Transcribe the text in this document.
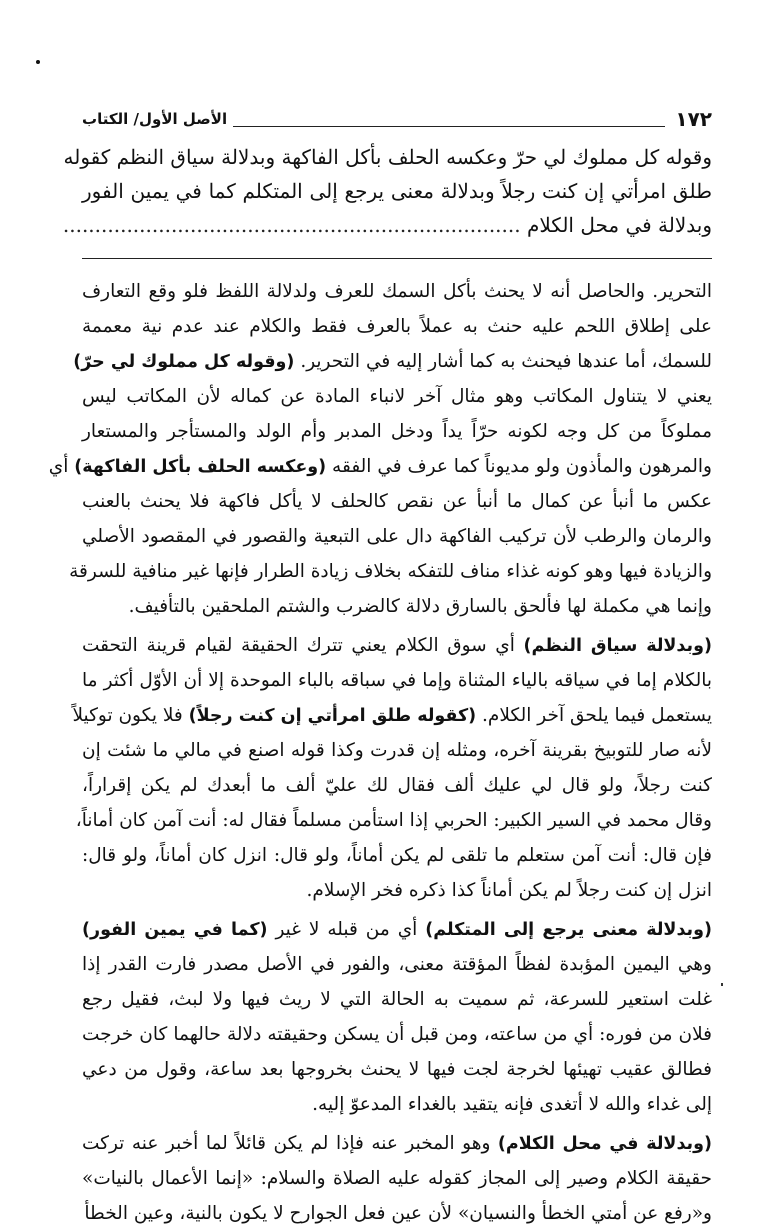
١٧٢
الأصل الأول/ الكتاب
وقوله كل مملوك لي حرّ وعكسه الحلف بأكل الفاكهة وبدلالة سياق النظم كقوله
طلق امرأتي إن كنت رجلاً وبدلالة معنى يرجع إلى المتكلم كما في يمين الفور
وبدلالة في محل الكلام ........................................................................
التحرير. والحاصل أنه لا يحنث بأكل السمك للعرف ولدلالة اللفظ فلو وقع التعارف
على إطلاق اللحم عليه حنث به عملاً بالعرف فقط والكلام عند عدم نية معممة
للسمك، أما عندها فيحنث به كما أشار إليه في التحرير. (وقوله كل مملوك لي حرّ)
يعني لا يتناول المكاتب وهو مثال آخر لانباء المادة عن كماله لأن المكاتب ليس
مملوكاً من كل وجه لكونه حرّاً يداً ودخل المدبر وأم الولد والمستأجر والمستعار
والمرهون والمأذون ولو مديوناً كما عرف في الفقه (وعكسه الحلف بأكل الفاكهة) أي
عكس ما أنبأ عن كمال ما أنبأ عن نقص كالحلف لا يأكل فاكهة فلا يحنث بالعنب
والرمان والرطب لأن تركيب الفاكهة دال على التبعية والقصور في المقصود الأصلي
والزيادة فيها وهو كونه غذاء مناف للتفكه بخلاف زيادة الطرار فإنها غير منافية للسرقة
وإنما هي مكملة لها فألحق بالسارق دلالة كالضرب والشتم الملحقين بالتأفيف.
(وبدلالة سياق النظم) أي سوق الكلام يعني تترك الحقيقة لقيام قرينة التحقت
بالكلام إما في سياقه بالياء المثناة وإما في سباقه بالباء الموحدة إلا أن الأوّل أكثر ما
يستعمل فيما يلحق آخر الكلام. (كقوله طلق امرأتي إن كنت رجلاً) فلا يكون توكيلاً
لأنه صار للتوبيخ بقرينة آخره، ومثله إن قدرت وكذا قوله اصنع في مالي ما شئت إن
كنت رجلاً، ولو قال لي عليك ألف فقال لك عليّ ألف ما أبعدك لم يكن إقراراً،
وقال محمد في السير الكبير: الحربي إذا استأمن مسلماً فقال له: أنت آمن كان أماناً،
فإن قال: أنت آمن ستعلم ما تلقى لم يكن أماناً، ولو قال: انزل كان أماناً، ولو قال:
انزل إن كنت رجلاً لم يكن أماناً كذا ذكره فخر الإسلام.
(وبدلالة معنى يرجع إلى المتكلم) أي من قبله لا غير (كما في يمين الفور)
وهي اليمين المؤبدة لفظاً المؤقتة معنى، والفور في الأصل مصدر فارت القدر إذا
غلت استعير للسرعة، ثم سميت به الحالة التي لا ريث فيها ولا لبث، فقيل رجع
فلان من فوره: أي من ساعته، ومن قبل أن يسكن وحقيقته دلالة حالهما كان خرجت
فطالق عقيب تهيئها لخرجة لجت فيها لا يحنث بخروجها بعد ساعة، وقول من دعي
إلى غداء والله لا أتغدى فإنه يتقيد بالغداء المدعوّ إليه.
(وبدلالة في محل الكلام) وهو المخبر عنه فإذا لم يكن قائلاً لما أخبر عنه تركت
حقيقة الكلام وصير إلى المجاز كقوله عليه الصلاة والسلام: «إنما الأعمال بالنيات»
و«رفع عن أمتي الخطأ والنسيان» لأن عين فعل الجوارح لا يكون بالنية، وعين الخطأ
